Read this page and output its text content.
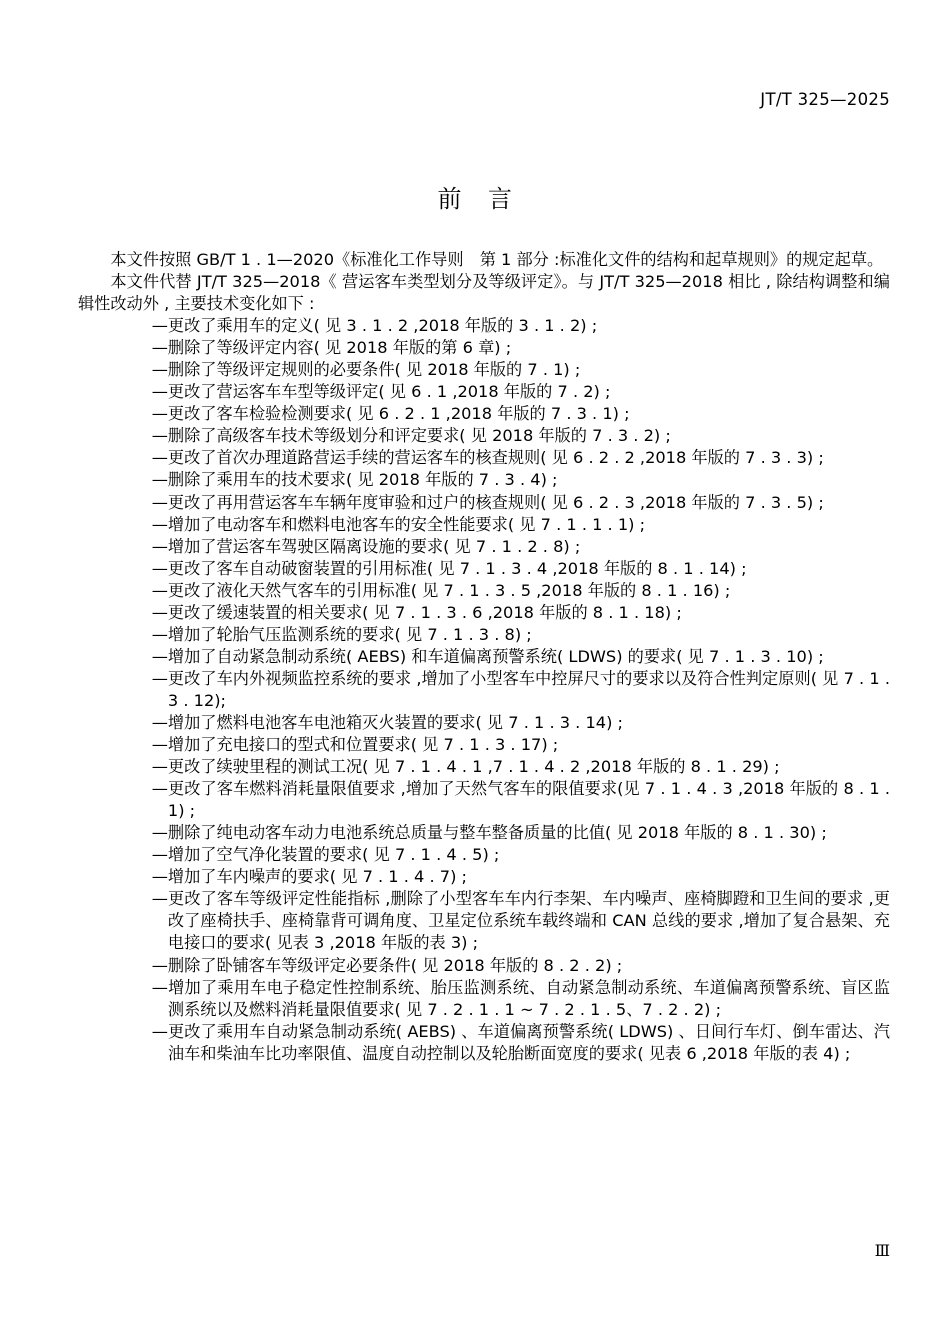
JT/T 325—2025
前 言

本文件按照 GB/T 1 . 1—2020《标准化工作导则　第 1 部分 :标准化文件的结构和起草规则》的规定起草。

本文件代替 JT/T 325—2018《 营运客车类型划分及等级评定》。与 JT/T 325—2018 相比 , 除结构调整和编辑性改动外 , 主要技术变化如下 :

—更改了乘用车的定义( 见 3 . 1 . 2 ,2018 年版的 3 . 1 . 2) ;
—删除了等级评定内容( 见 2018 年版的第 6 章) ;
—删除了等级评定规则的必要条件( 见 2018 年版的 7 . 1) ;
—更改了营运客车车型等级评定( 见 6 . 1 ,2018 年版的 7 . 2) ;
—更改了客车检验检测要求( 见 6 . 2 . 1 ,2018 年版的 7 . 3 . 1) ;
—删除了高级客车技术等级划分和评定要求( 见 2018 年版的 7 . 3 . 2) ;
—更改了首次办理道路营运手续的营运客车的核查规则( 见 6 . 2 . 2 ,2018 年版的 7 . 3 . 3) ;
—删除了乘用车的技术要求( 见 2018 年版的 7 . 3 . 4) ;
—更改了再用营运客车车辆年度审验和过户的核查规则( 见 6 . 2 . 3 ,2018 年版的 7 . 3 . 5) ;
—增加了电动客车和燃料电池客车的安全性能要求( 见 7 . 1 . 1 . 1) ;
—增加了营运客车驾驶区隔离设施的要求( 见 7 . 1 . 2 . 8) ;
—更改了客车自动破窗装置的引用标准( 见 7 . 1 . 3 . 4 ,2018 年版的 8 . 1 . 14) ;
—更改了液化天然气客车的引用标准( 见 7 . 1 . 3 . 5 ,2018 年版的 8 . 1 . 16) ;
—更改了缓速装置的相关要求( 见 7 . 1 . 3 . 6 ,2018 年版的 8 . 1 . 18) ;
—增加了轮胎气压监测系统的要求( 见 7 . 1 . 3 . 8) ;
—增加了自动紧急制动系统( AEBS) 和车道偏离预警系统( LDWS) 的要求( 见 7 . 1 . 3 . 10) ;
—更改了车内外视频监控系统的要求 ,增加了小型客车中控屏尺寸的要求以及符合性判定原则( 见 7 . 1 . 3 . 12);
—增加了燃料电池客车电池箱灭火装置的要求( 见 7 . 1 . 3 . 14) ;
—增加了充电接口的型式和位置要求( 见 7 . 1 . 3 . 17) ;
—更改了续驶里程的测试工况( 见 7 . 1 . 4 . 1 ,7 . 1 . 4 . 2 ,2018 年版的 8 . 1 . 29) ;
—更改了客车燃料消耗量限值要求 ,增加了天然气客车的限值要求(见 7 . 1 . 4 . 3 ,2018 年版的 8 . 1 . 1) ;
—删除了纯电动客车动力电池系统总质量与整车整备质量的比值( 见 2018 年版的 8 . 1 . 30) ;
—增加了空气净化装置的要求( 见 7 . 1 . 4 . 5) ;
—增加了车内噪声的要求( 见 7 . 1 . 4 . 7) ;
—更改了客车等级评定性能指标 ,删除了小型客车车内行李架、车内噪声、座椅脚蹬和卫生间的要求 ,更改了座椅扶手、座椅靠背可调角度、卫星定位系统车载终端和 CAN 总线的要求 ,增加了复合悬架、充电接口的要求( 见表 3 ,2018 年版的表 3) ;
—删除了卧铺客车等级评定必要条件( 见 2018 年版的 8 . 2 . 2) ;
—增加了乘用车电子稳定性控制系统、胎压监测系统、自动紧急制动系统、车道偏离预警系统、盲区监测系统以及燃料消耗量限值要求( 见 7 . 2 . 1 . 1 ~ 7 . 2 . 1 . 5、7 . 2 . 2) ;
—更改了乘用车自动紧急制动系统( AEBS) 、车道偏离预警系统( LDWS) 、日间行车灯、倒车雷达、汽油车和柴油车比功率限值、温度自动控制以及轮胎断面宽度的要求( 见表 6 ,2018 年版的表 4) ;
Ⅲ
